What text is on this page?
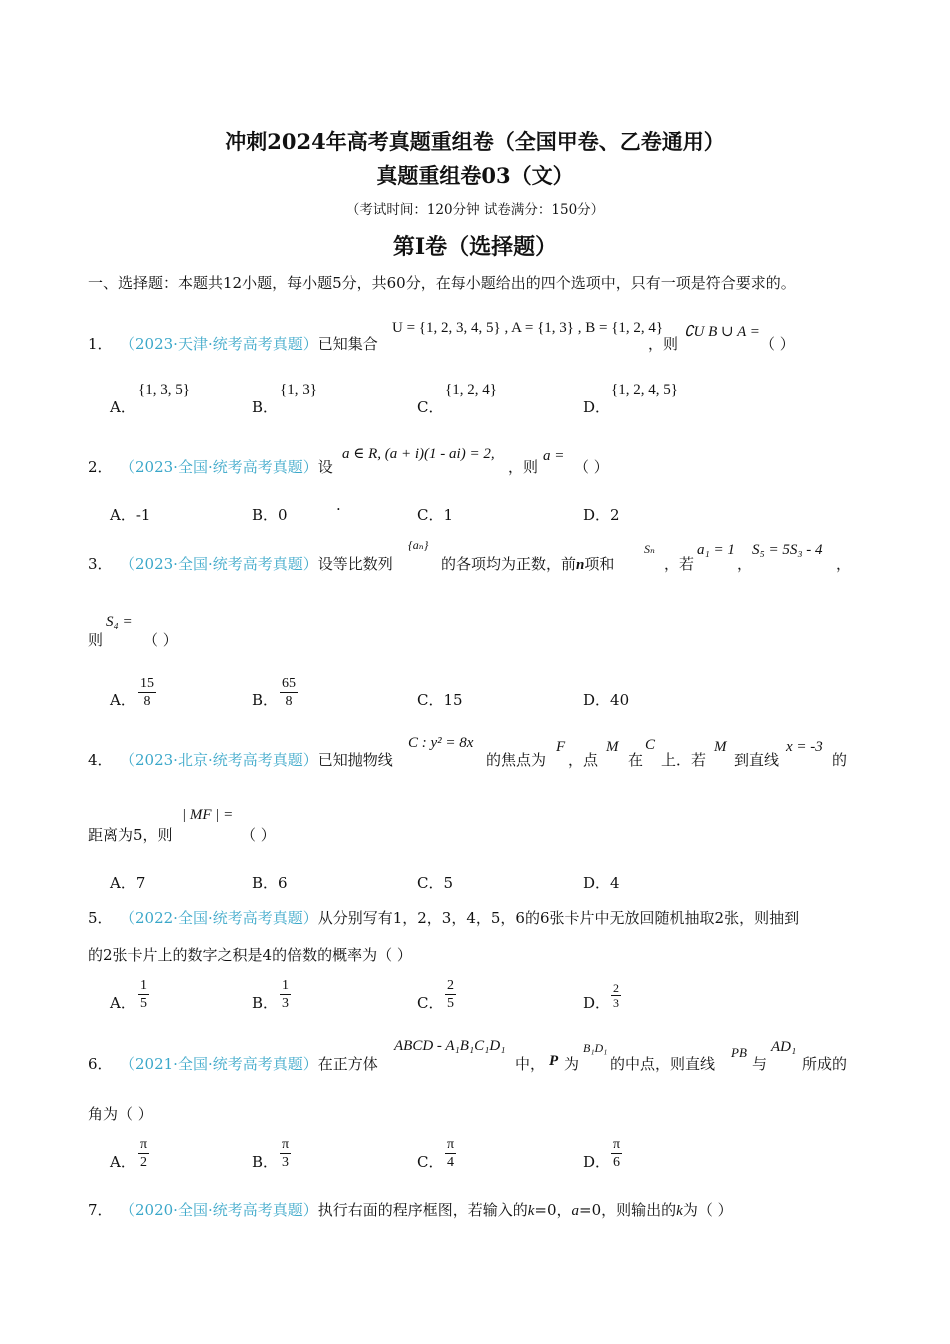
冲刺2024年高考真题重组卷（全国甲卷、乙卷通用）
真题重组卷03（文）
（考试时间：120分钟 试卷满分：150分）
第I卷（选择题）
一、选择题：本题共12小题，每小题5分，共60分，在每小题给出的四个选项中，只有一项是符合要求的。
1． （2023·天津·统考高考真题）已知集合
U = {1, 2, 3, 4, 5} , A = {1, 3} , B = {1, 2, 4}
，则
∁U B ∪ A =
（ ）
A．
{1, 3, 5}
B．
{1, 3}
C．
{1, 2, 4}
D．
{1, 2, 4, 5}
2． （2023·全国·统考高考真题）设
a ∈ R, (a + i)(1 - ai) = 2,
，则
a =
（ ）
A．-1	B．0	·	C．1	D．2
3． （2023·全国·统考高考真题）设等比数列
{aₙ}
的各项均为正数，前n项和
Sₙ
，若
a₁ = 1
，
S₅ = 5S₃ - 4
，
则
S₄ =
（ ）
A．
15
8	B．
65
8	C．15	D．40
4． （2023·北京·统考高考真题）已知抛物线
C : y² = 8x
的焦点为
F
，点
M
在
C
上．若
M
到直线
x = -3
的
距离为5，则
| MF | =
（ ）
A．7	B．6	C．5	D．4
5． （2022·全国·统考高考真题）从分别写有1，2，3，4，5，6的6张卡片中无放回随机抽取2张，则抽到
的2张卡片上的数字之积是4的倍数的概率为（ ）
A．
1
5	B．
1
3	C．
2
5	D．
2
3
6． （2021·全国·统考高考真题）在正方体
ABCD - A₁B₁C₁D₁
中， P 为
B₁D₁
的中点，则直线
PB
与
AD₁
所成的
角为（ ）
A．
π
2	B．
π
3	C．
π
4	D．
π
6
7． （2020·全国·统考高考真题）执行右面的程序框图，若输入的k=0，a=0，则输出的k为（ ）
